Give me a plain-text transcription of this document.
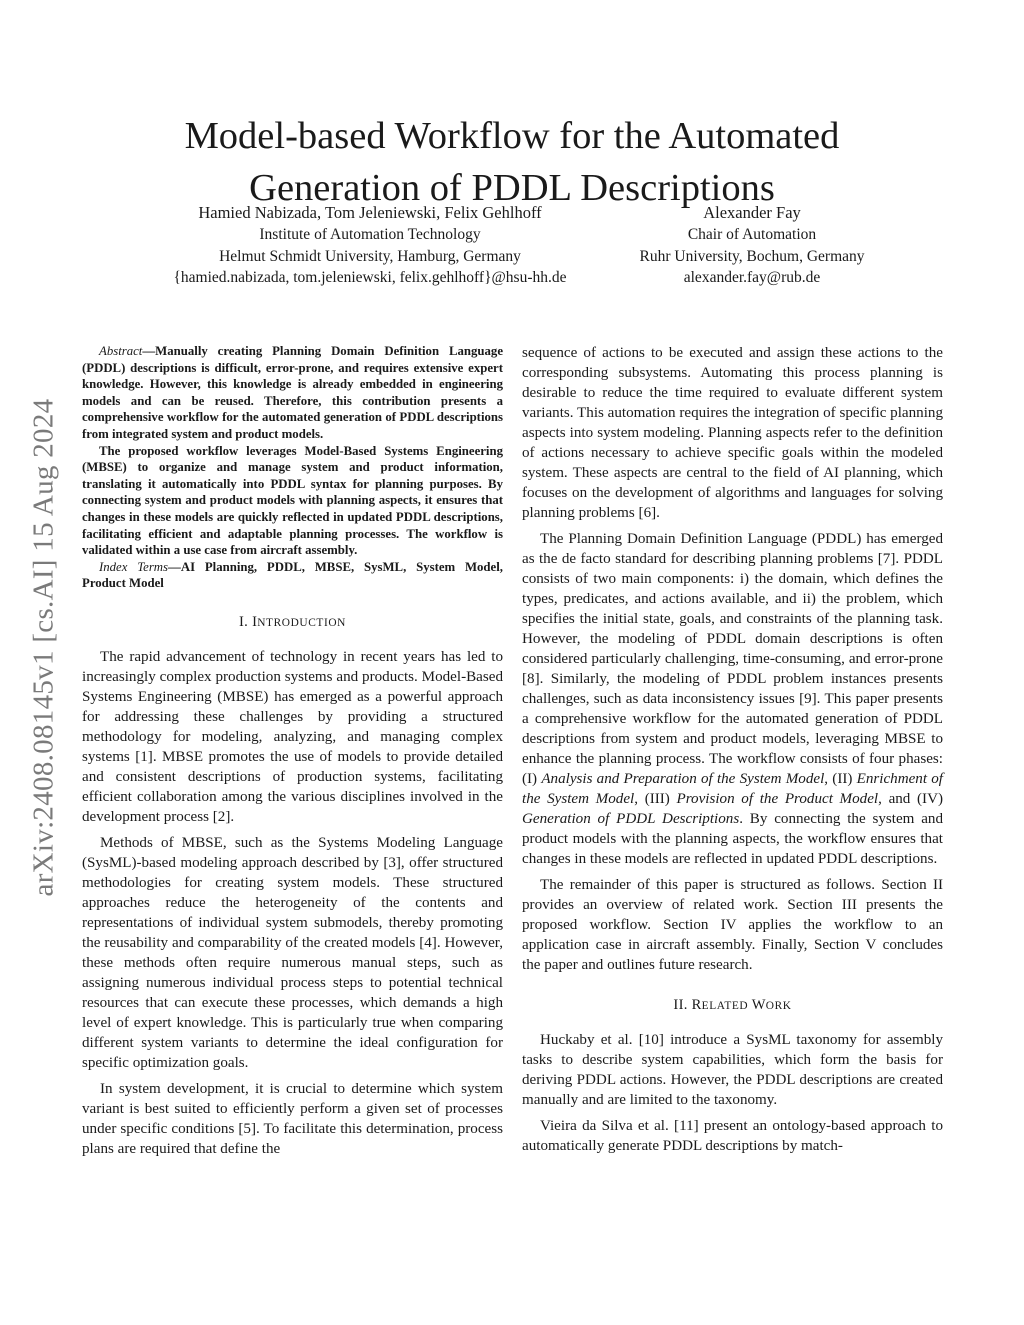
Model-based Workflow for the Automated
Generation of PDDL Descriptions
Hamied Nabizada, Tom Jeleniewski, Felix Gehlhoff
Institute of Automation Technology
Helmut Schmidt University, Hamburg, Germany
{hamied.nabizada, tom.jeleniewski, felix.gehlhoff}@hsu-hh.de
Alexander Fay
Chair of Automation
Ruhr University, Bochum, Germany
alexander.fay@rub.de
arXiv:2408.08145v1 [cs.AI] 15 Aug 2024

Abstract—Manually creating Planning Domain Definition Language (PDDL) descriptions is difficult, error-prone, and requires extensive expert knowledge. However, this knowledge is already embedded in engineering models and can be reused. Therefore, this contribution presents a comprehensive workflow for the automated generation of PDDL descriptions from integrated system and product models.

The proposed workflow leverages Model-Based Systems Engineering (MBSE) to organize and manage system and product information, translating it automatically into PDDL syntax for planning purposes. By connecting system and product models with planning aspects, it ensures that changes in these models are quickly reflected in updated PDDL descriptions, facilitating efficient and adaptable planning processes. The workflow is validated within a use case from aircraft assembly.

Index Terms—AI Planning, PDDL, MBSE, SysML, System Model, Product Model

I. INTRODUCTION

The rapid advancement of technology in recent years has led to increasingly complex production systems and products. Model-Based Systems Engineering (MBSE) has emerged as a powerful approach for addressing these challenges by providing a structured methodology for modeling, analyzing, and managing complex systems [1]. MBSE promotes the use of models to provide detailed and consistent descriptions of production systems, facilitating efficient collaboration among the various disciplines involved in the development process [2].

Methods of MBSE, such as the Systems Modeling Language (SysML)-based modeling approach described by [3], offer structured methodologies for creating system models. These structured approaches reduce the heterogeneity of the contents and representations of individual system submodels, thereby promoting the reusability and comparability of the created models [4]. However, these methods often require numerous manual steps, such as assigning numerous individual process steps to potential technical resources that can execute these processes, which demands a high level of expert knowledge. This is particularly true when comparing different system variants to determine the ideal configuration for specific optimization goals.

In system development, it is crucial to determine which system variant is best suited to efficiently perform a given set of processes under specific conditions [5]. To facilitate this determination, process plans are required that define the

sequence of actions to be executed and assign these actions to the corresponding subsystems. Automating this process planning is desirable to reduce the time required to evaluate different system variants. This automation requires the integration of specific planning aspects into system modeling. Planning aspects refer to the definition of actions necessary to achieve specific goals within the modeled system. These aspects are central to the field of AI planning, which focuses on the development of algorithms and languages for solving planning problems [6].

The Planning Domain Definition Language (PDDL) has emerged as the de facto standard for describing planning problems [7]. PDDL consists of two main components: i) the domain, which defines the types, predicates, and actions available, and ii) the problem, which specifies the initial state, goals, and constraints of the planning task. However, the modeling of PDDL domain descriptions is often considered particularly challenging, time-consuming, and error-prone [8]. Similarly, the modeling of PDDL problem instances presents challenges, such as data inconsistency issues [9]. This paper presents a comprehensive workflow for the automated generation of PDDL descriptions from system and product models, leveraging MBSE to enhance the planning process. The workflow consists of four phases: (I) Analysis and Preparation of the System Model, (II) Enrichment of the System Model, (III) Provision of the Product Model, and (IV) Generation of PDDL Descriptions. By connecting the system and product models with the planning aspects, the workflow ensures that changes in these models are reflected in updated PDDL descriptions.

The remainder of this paper is structured as follows. Section II provides an overview of related work. Section III presents the proposed workflow. Section IV applies the workflow to an application case in aircraft assembly. Finally, Section V concludes the paper and outlines future research.

II. RELATED WORK

Huckaby et al. [10] introduce a SysML taxonomy for assembly tasks to describe system capabilities, which form the basis for deriving PDDL actions. However, the PDDL descriptions are created manually and are limited to the taxonomy.

Vieira da Silva et al. [11] present an ontology-based approach to automatically generate PDDL descriptions by match-
